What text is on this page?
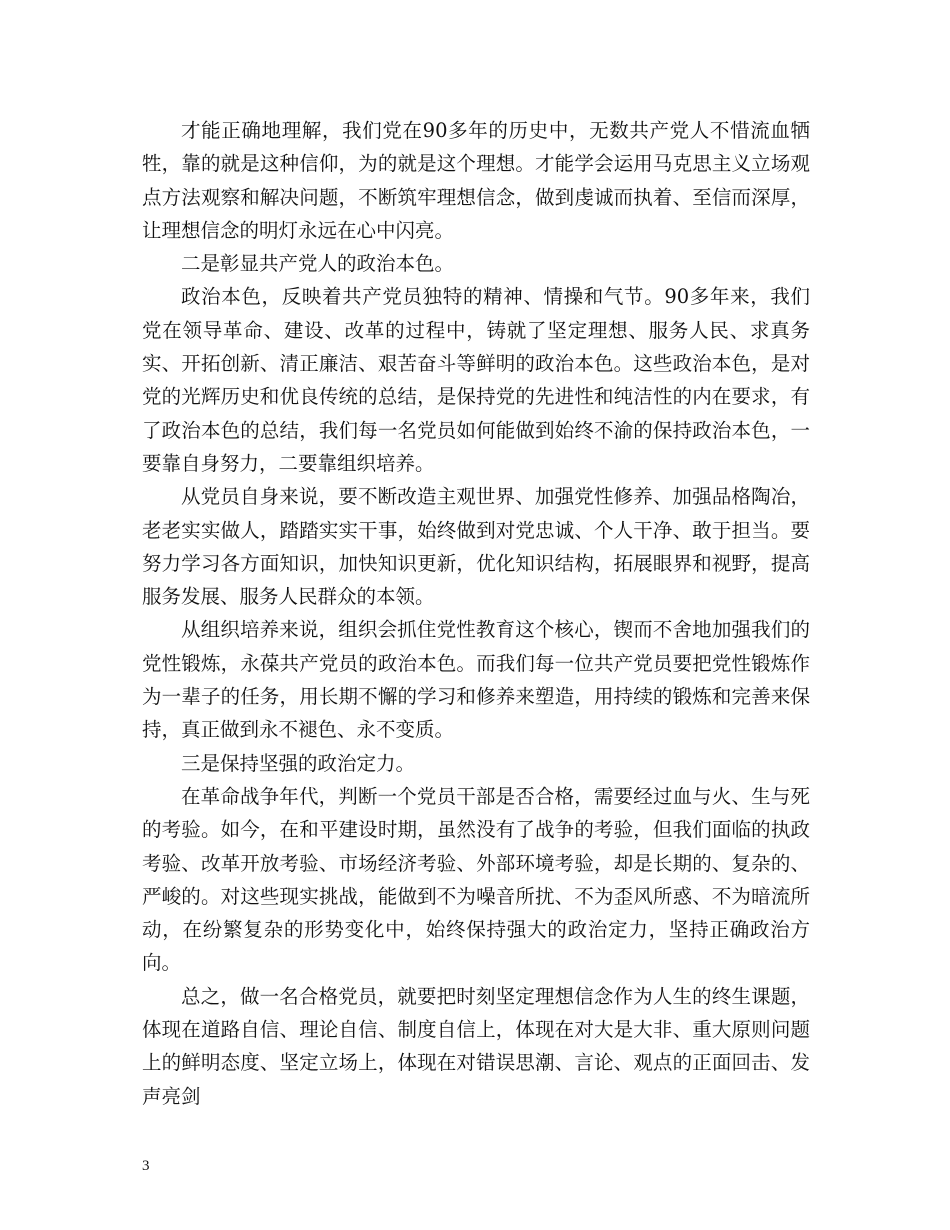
才能正确地理解，我们党在90多年的历史中，无数共产党人不惜流血牺牲，靠的就是这种信仰，为的就是这个理想。才能学会运用马克思主义立场观点方法观察和解决问题，不断筑牢理想信念，做到虔诚而执着、至信而深厚，让理想信念的明灯永远在心中闪亮。

二是彰显共产党人的政治本色。

政治本色，反映着共产党员独特的精神、情操和气节。90多年来，我们党在领导革命、建设、改革的过程中，铸就了坚定理想、服务人民、求真务实、开拓创新、清正廉洁、艰苦奋斗等鲜明的政治本色。这些政治本色，是对党的光辉历史和优良传统的总结，是保持党的先进性和纯洁性的内在要求，有了政治本色的总结，我们每一名党员如何能做到始终不渝的保持政治本色，一要靠自身努力，二要靠组织培养。

从党员自身来说，要不断改造主观世界、加强党性修养、加强品格陶冶，老老实实做人，踏踏实实干事，始终做到对党忠诚、个人干净、敢于担当。要努力学习各方面知识，加快知识更新，优化知识结构，拓展眼界和视野，提高服务发展、服务人民群众的本领。

从组织培养来说，组织会抓住党性教育这个核心，锲而不舍地加强我们的党性锻炼，永葆共产党员的政治本色。而我们每一位共产党员要把党性锻炼作为一辈子的任务，用长期不懈的学习和修养来塑造，用持续的锻炼和完善来保持，真正做到永不褪色、永不变质。

三是保持坚强的政治定力。

在革命战争年代，判断一个党员干部是否合格，需要经过血与火、生与死的考验。如今，在和平建设时期，虽然没有了战争的考验，但我们面临的执政考验、改革开放考验、市场经济考验、外部环境考验，却是长期的、复杂的、严峻的。对这些现实挑战，能做到不为噪音所扰、不为歪风所惑、不为暗流所动，在纷繁复杂的形势变化中，始终保持强大的政治定力，坚持正确政治方向。

总之，做一名合格党员，就要把时刻坚定理想信念作为人生的终生课题，体现在道路自信、理论自信、制度自信上，体现在对大是大非、重大原则问题上的鲜明态度、坚定立场上，体现在对错误思潮、言论、观点的正面回击、发声亮剑

3
